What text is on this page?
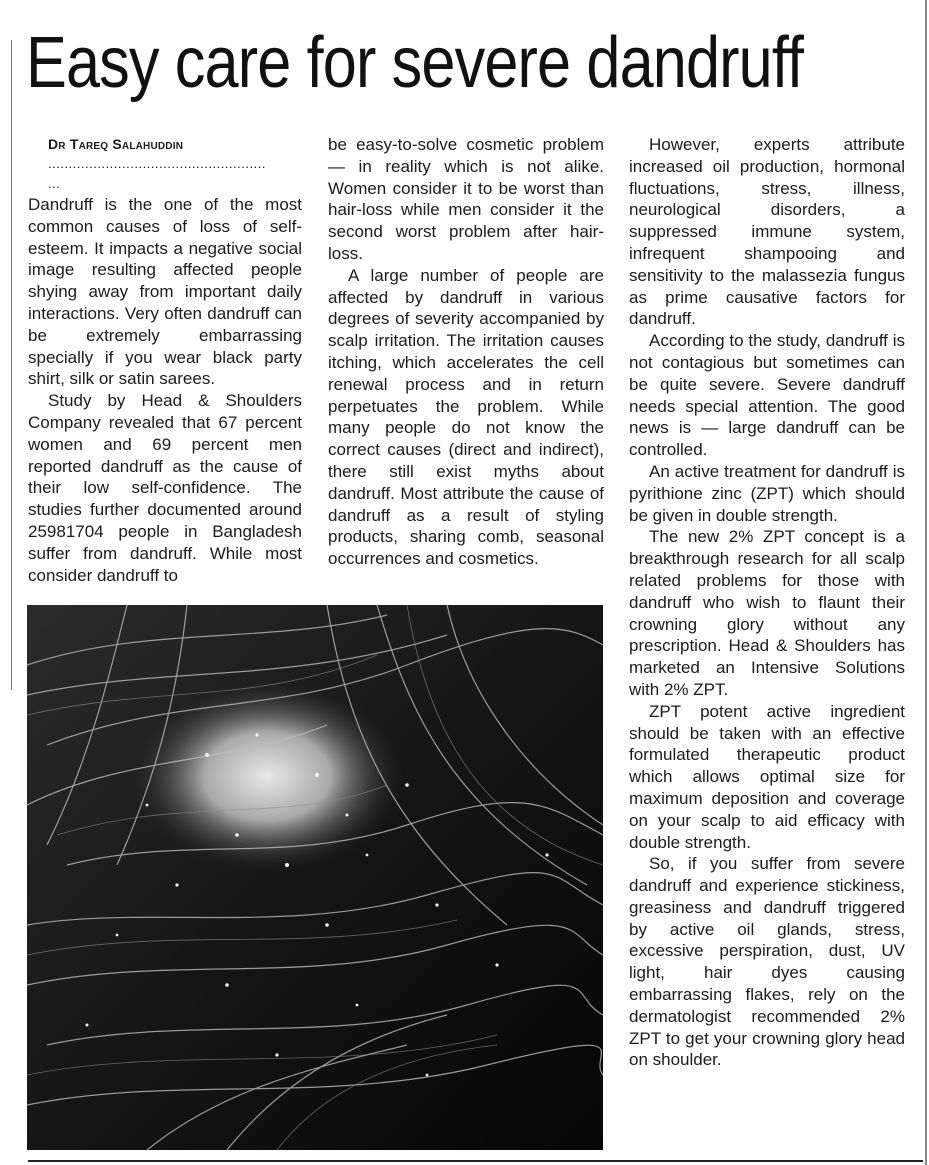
Easy care for severe dandruff

Dr Tareq Salahuddin

.....................................................

...

Dandruff is the one of the most common causes of loss of self-esteem. It impacts a negative social image resulting affected people shying away from important daily interactions. Very often dandruff can be extremely embarrassing specially if you wear black party shirt, silk or satin sarees.

Study by Head & Shoulders Company revealed that 67 percent women and 69 percent men reported dandruff as the cause of their low self-confidence. The studies further documented around 25981704 people in Bangladesh suffer from dandruff. While most consider dandruff to

be easy-to-solve cosmetic problem — in reality which is not alike. Women consider it to be worst than hair-loss while men consider it the second worst problem after hair-loss.

A large number of people are affected by dandruff in various degrees of severity accompanied by scalp irritation. The irritation causes itching, which accelerates the cell renewal process and in return perpetuates the problem. While many people do not know the correct causes (direct and indirect), there still exist myths about dandruff. Most attribute the cause of dandruff as a result of styling products, sharing comb, seasonal occurrences and cosmetics.

However, experts attribute increased oil production, hormonal fluctuations, stress, illness, neurological disorders, a suppressed immune system, infrequent shampooing and sensitivity to the malassezia fungus as prime causative factors for dandruff.

According to the study, dandruff is not contagious but sometimes can be quite severe. Severe dandruff needs special attention. The good news is — large dandruff can be controlled.

An active treatment for dandruff is pyrithione zinc (ZPT) which should be given in double strength.

The new 2% ZPT concept is a breakthrough research for all scalp related problems for those with dandruff who wish to flaunt their crowning glory without any prescription. Head & Shoulders has marketed an Intensive Solutions with 2% ZPT.

ZPT potent active ingredient should be taken with an effective formulated therapeutic product which allows optimal size for maximum deposition and coverage on your scalp to aid efficacy with double strength.

So, if you suffer from severe dandruff and experience stickiness, greasiness and dandruff triggered by active oil glands, stress, excessive perspiration, dust, UV light, hair dyes causing embarrassing flakes, rely on the dermatologist recommended 2% ZPT to get your crowning glory head on shoulder.
